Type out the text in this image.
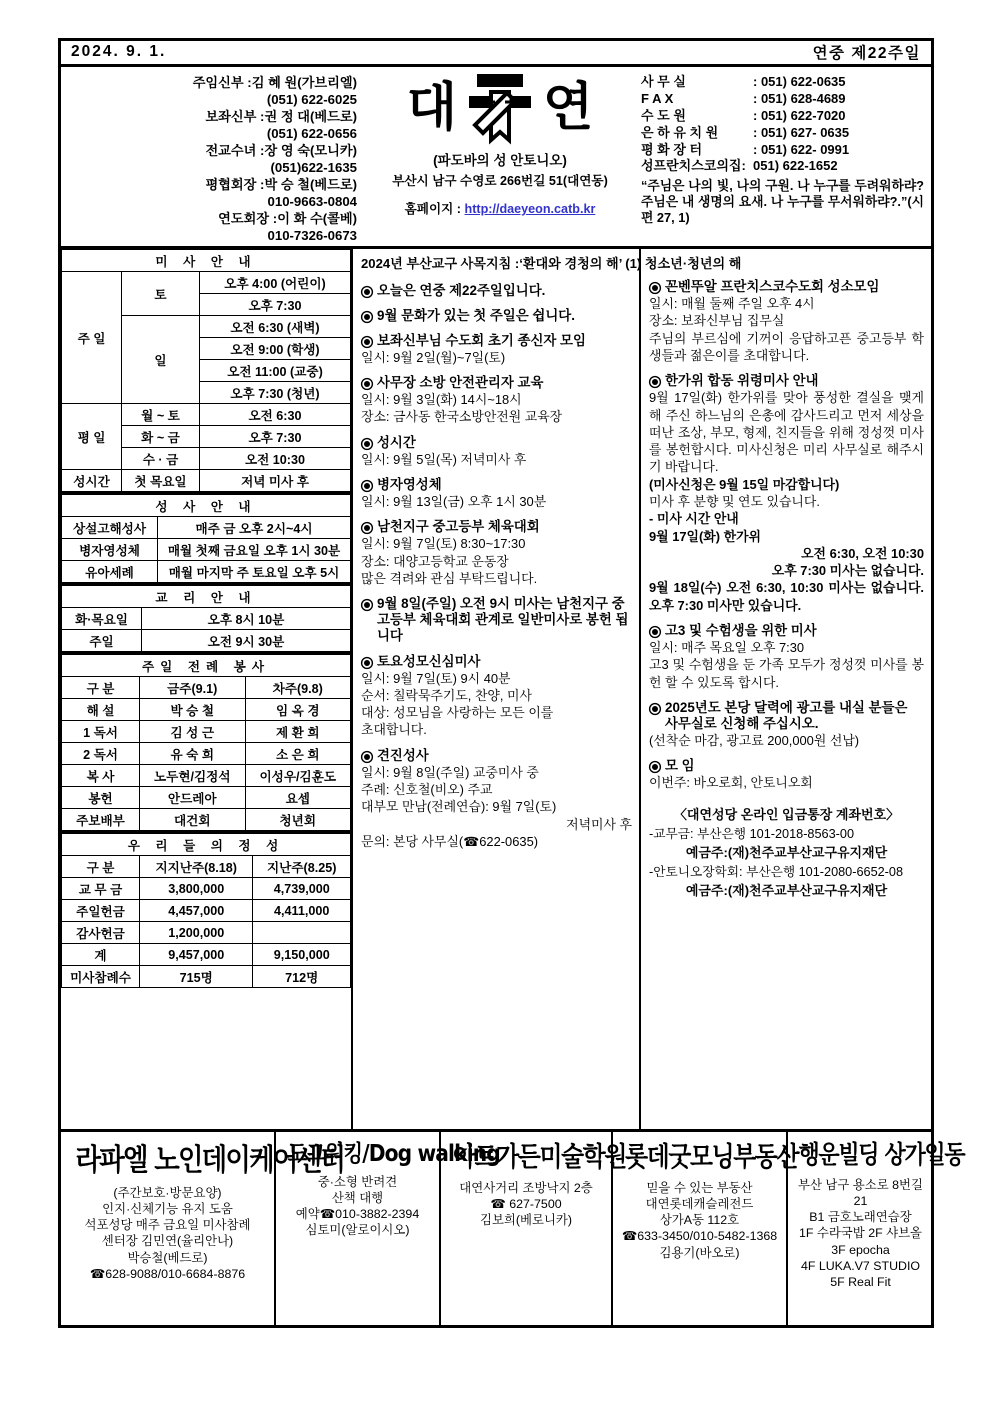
2024. 9. 1.	연중 제22주일
주임신부 : 김 혜 원(가브리엘)
(051) 622-6025
보좌신부 : 권 정 대(베드로)
(051) 622-0656
전교수녀 : 장 영 숙(모니카)
(051)622-1635
평협회장 : 박 승 철(베드로)
010-9663-0804
연도회장 : 이 화 수(콜베)
010-7326-0673
대 연
(파도바의 성 안토니오)
부산시 남구 수영로 266번길 51(대연동)
홈페이지 : http://daeyeon.catb.kr
사 무 실	: 051) 622-0635
F A X	: 051) 628-4689
수 도 원	: 051) 622-7020
은 하 유 치 원	: 051) 627- 0635
평 화 장 터	: 051) 622- 0991
성프란치스코의집: 051) 622-1652
“주님은 나의 빛, 나의 구원. 나 누구를 두려워하랴? 주님은 내 생명의 요새. 나 누구를 무서워하랴?.”(시편 27, 1)
미 사 안 내		
주 일	토	오후 4:00 (어린이)
		오후 7:30
	일	오전 6:30 (새벽)
		오전 9:00 (학생)
		오전 11:00 (교중)
		오후 7:30 (청년)
평 일	월 ~ 토	오전 6:30
	화 ~ 금	오후 7:30
	수 · 금	오전 10:30
성시간	첫 목요일	저녁 미사 후
성 사 안 내	
상설고해성사	매주 금 오후 2시~4시
병자영성체	매월 첫째 금요일 오후 1시 30분
유아세례	매월 마지막 주 토요일 오후 5시
교 리 안 내	
화·목요일	오후 8시 10분
주일	오전 9시 30분
주일 전례 봉사		
구 분	금주(9.1)	차주(9.8)
해 설	박 승 철	임 옥 경
1 독서	김 성 근	제 환 희
2 독서	유 숙 희	소 은 희
복 사	노두현/김정석	이성우/김훈도
봉헌	안드레아	요셉
주보배부	대건회	청년회
우 리 들 의 정 성		
구 분	지지난주(8.18)	지난주(8.25)
교 무 금	3,800,000	4,739,000
주일헌금	4,457,000	4,411,000
감사헌금	1,200,000	
계	9,457,000	9,150,000
미사참례수	715명	712명
2024년 부산교구 사목지침 :‘환대와 경청의 해’ (1) 청소년·청년의 해
오늘은 연중 제22주일입니다.
9월 문화가 있는 첫 주일은 쉽니다.
보좌신부님 수도회 초기 종신자 모임
일시: 9월 2일(월)~7일(토)
사무장 소방 안전관리자 교육
일시: 9월 3일(화) 14시~18시
장소: 금사동 한국소방안전원 교육장
성시간
일시: 9월 5일(목) 저녁미사 후
병자영성체
일시: 9월 13일(금) 오후 1시 30분
남천지구 중고등부 체육대회
일시: 9월 7일(토) 8:30~17:30
장소: 대양고등학교 운동장
많은 격려와 관심 부탁드립니다.
9월 8일(주일) 오전 9시 미사는 남천지구 중고등부 체육대회 관계로 일반미사로 봉헌 됩니다
토요성모신심미사
일시: 9월 7일(토) 9시 40분
순서: 칠락묵주기도, 찬양, 미사
대상: 성모님을 사랑하는 모든 이를
초대합니다.
견진성사
일시: 9월 8일(주일) 교중미사 중
주례: 신호철(비오) 주교
대부모 만남(전례연습): 9월 7일(토)
저녁미사 후
문의: 본당 사무실(☎622-0635)
꼰벤뚜알 프란치스코수도회 성소모임
일시: 매월 둘째 주일 오후 4시
장소: 보좌신부님 집무실
주님의 부르심에 기꺼이 응답하고픈 중고등부 학생들과 젊은이를 초대합니다.
한가위 합동 위령미사 안내
9월 17일(화) 한가위를 맞아 풍성한 결실을 맺게 해 주신 하느님의 은총에 감사드리고 먼저 세상을 떠난 조상, 부모, 형제, 친지들을 위해 정성껏 미사를 봉헌합시다. 미사신청은 미리 사무실로 해주시기 바랍니다.
(미사신청은 9월 15일 마감합니다)
미사 후 분향 및 연도 있습니다.
- 미사 시간 안내
9월 17일(화) 한가위
오전 6:30, 오전 10:30
오후 7:30 미사는 없습니다.
9월 18일(수) 오전 6:30, 10:30 미사는 없습니다. 오후 7:30 미사만 있습니다.
고3 및 수험생을 위한 미사
일시: 매주 목요일 오후 7:30
고3 및 수험생을 둔 가족 모두가 정성껏 미사를 봉헌 할 수 있도록 합시다.
2025년도 본당 달력에 광고를 내실 분들은 사무실로 신청해 주십시오.
(선착순 마감, 광고료 200,000원 선납)
모 임
이번주: 바오로회, 안토니오회
〈대연성당 온라인 입금통장 계좌번호〉
-교무금: 부산은행 101-2018-8563-00
예금주:(재)천주교부산교구유지재단
-안토니오장학회: 부산은행 101-2080-6652-08
예금주:(재)천주교부산교구유지재단
라파엘 노인데이케어센터
(주간보호·방문요양)
인지·신체기능 유지 도움
석포성당 매주 금요일 미사참례
센터장 김민연(율리안나)
박승철(베드로)
☎628-9088/010-6684-8876
도그워킹/Dog walking
중·소형 반려견
산책 대행
예약☎010-3882-2394
심토미(알로이시오)
아트가든미술학원
대연사거리 조방낙지 2층
☎ 627-7500
김보희(베로니카)
롯데굿모닝부동산
믿을 수 있는 부동산
대연롯데캐슬레전드
상가A동 112호
☎633-3450/010-5482-1368
김용기(바오로)
행운빌딩 상가일동
부산 남구 용소로 8번길 21
B1 금호노래연습장
1F 수라국밥 2F 샤브올
3F epocha
4F LUKA.V7 STUDIO
5F Real Fit
